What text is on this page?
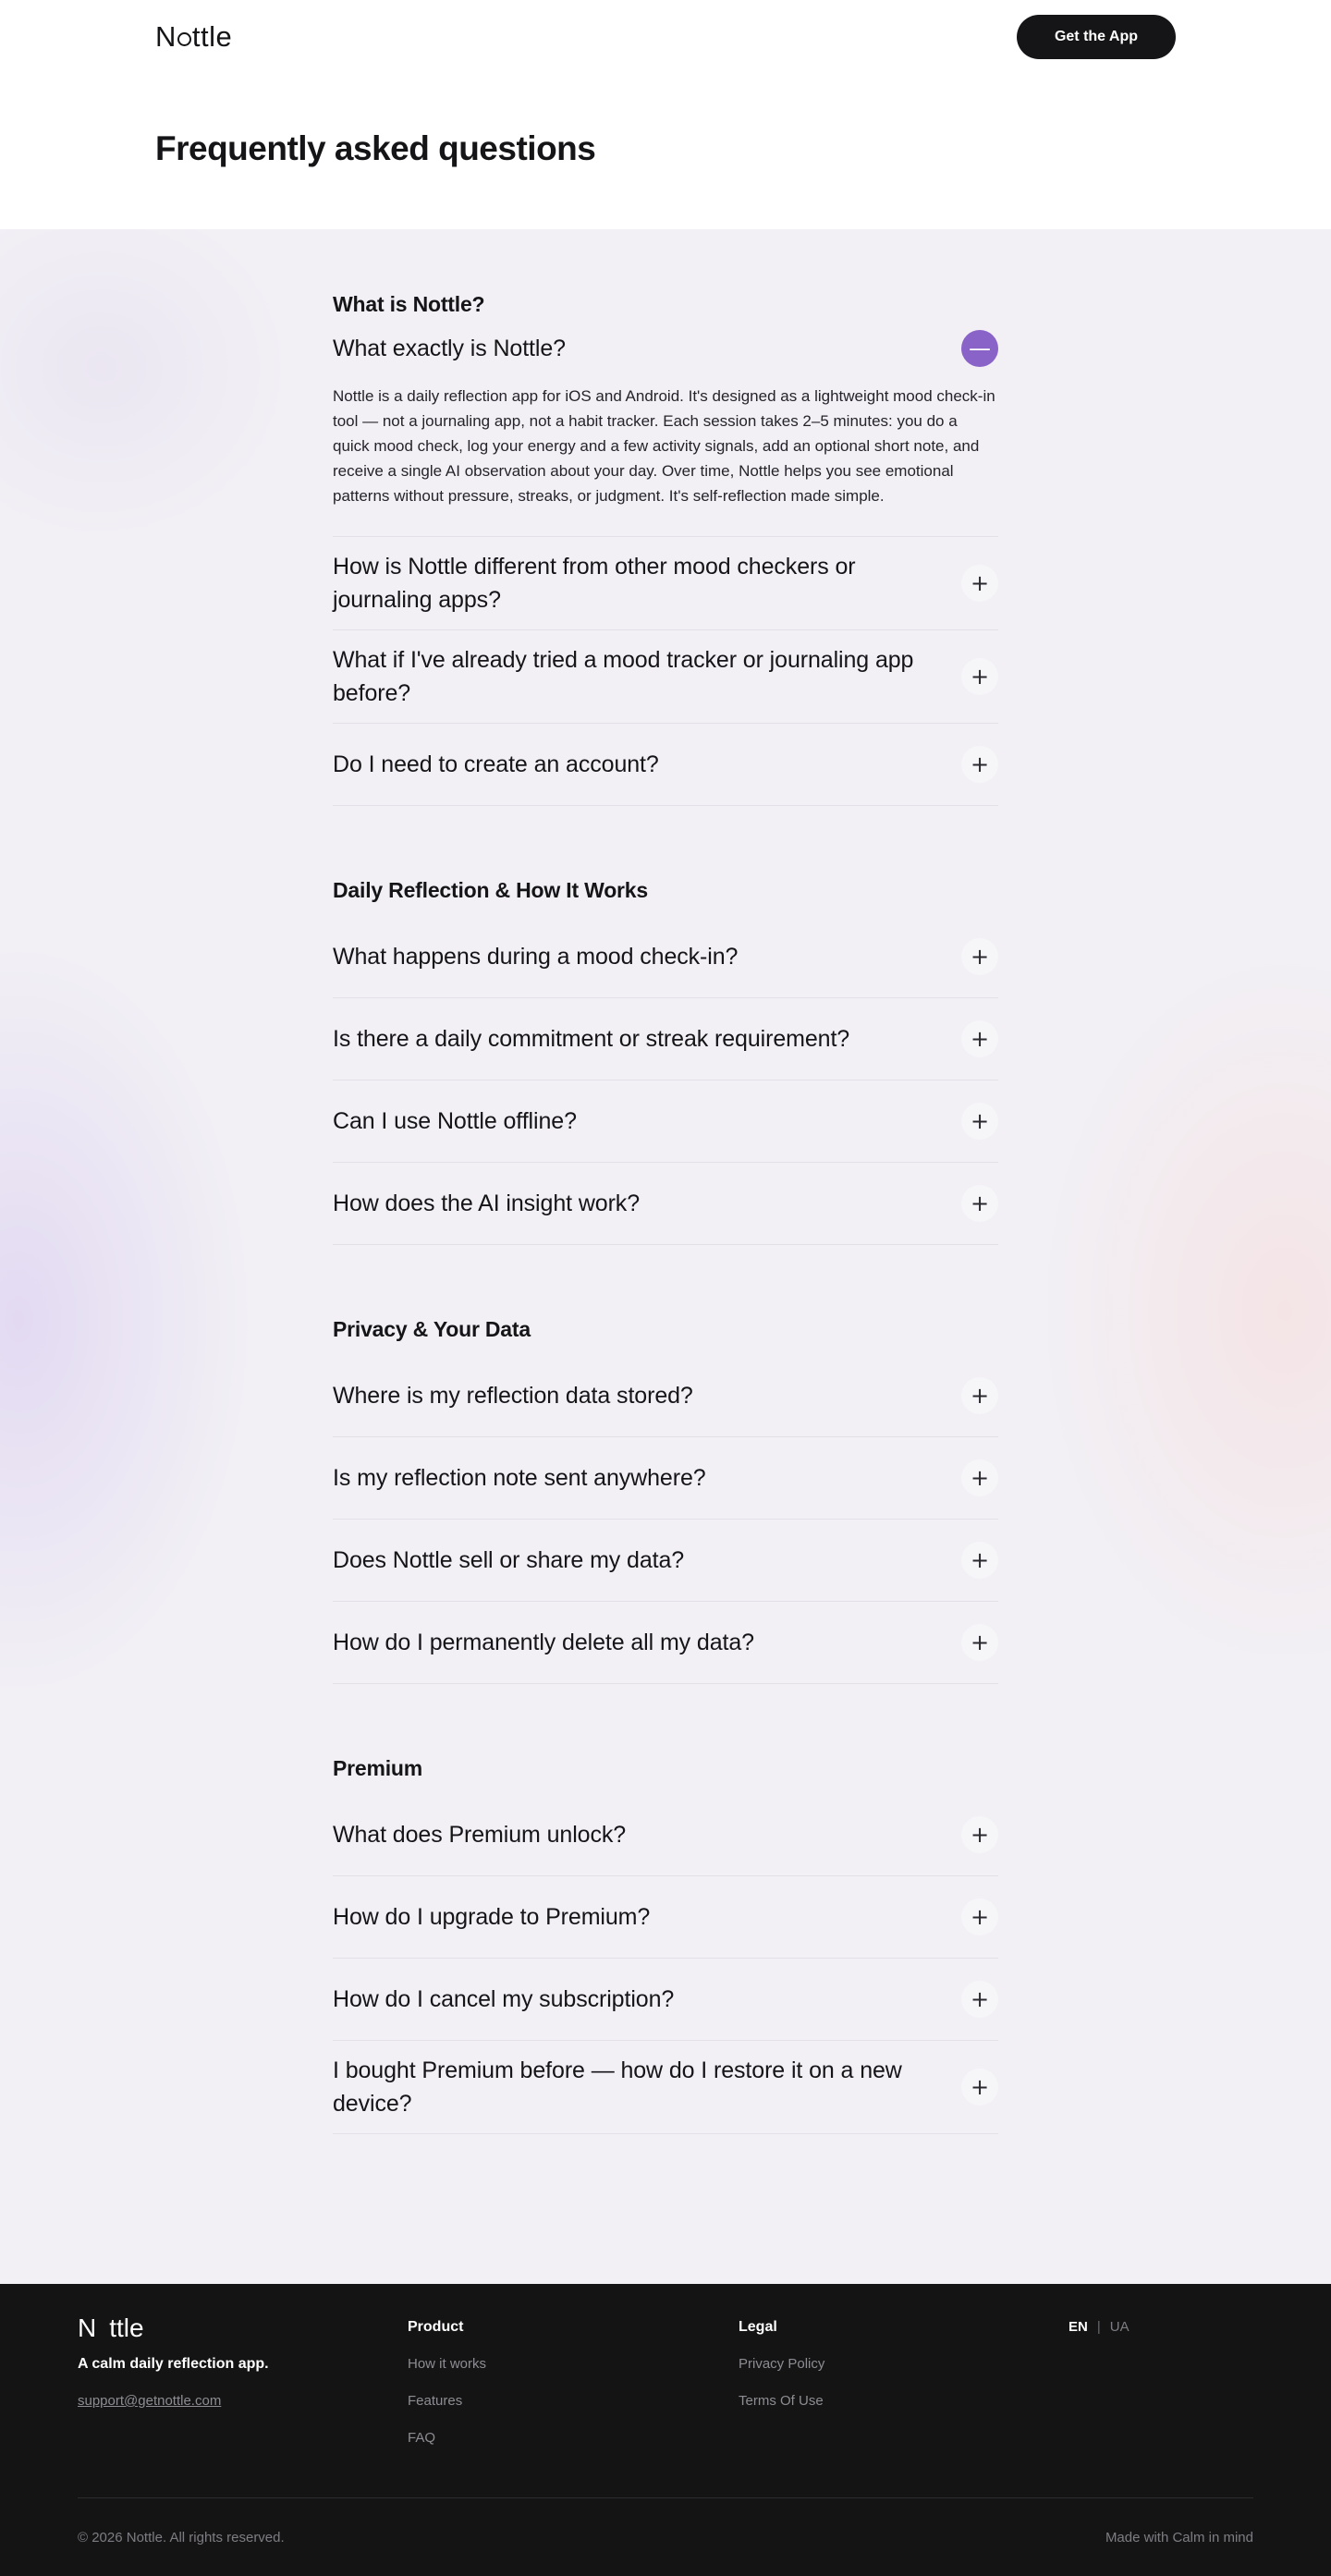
N ttle	Get the App
Frequently asked questions
What is Nottle?
What exactly is Nottle?	—

Nottle is a daily reflection app for iOS and Android. It's designed as a lightweight mood check-in tool — not a journaling app, not a habit tracker. Each session takes 2–5 minutes: you do a quick mood check, log your energy and a few activity signals, add an optional short note, and receive a single AI observation about your day. Over time, Nottle helps you see emotional patterns without pressure, streaks, or judgment. It's self-reflection made simple.

How is Nottle different from other mood checkers or journaling apps?
+
What if I've already tried a mood tracker or journaling app before?
+
Do I need to create an account?	+
Daily Reflection & How It Works
What happens during a mood check-in?	+
Is there a daily commitment or streak requirement?	+
Can I use Nottle offline?	+
How does the AI insight work?	+
Privacy & Your Data
Where is my reflection data stored?	+
Is my reflection note sent anywhere?	+
Does Nottle sell or share my data?	+
How do I permanently delete all my data?	+
Premium
What does Premium unlock?	+
How do I upgrade to Premium?	+
How do I cancel my subscription?	+
I bought Premium before — how do I restore it on a new device?
+
N ttle
A calm daily reflection app.
support@getnottle.com
Product
How it works
Features
FAQ
Legal
Privacy Policy
Terms Of Use
EN | UA
© 2026 Nottle. All rights reserved.	Made with Calm in mind
